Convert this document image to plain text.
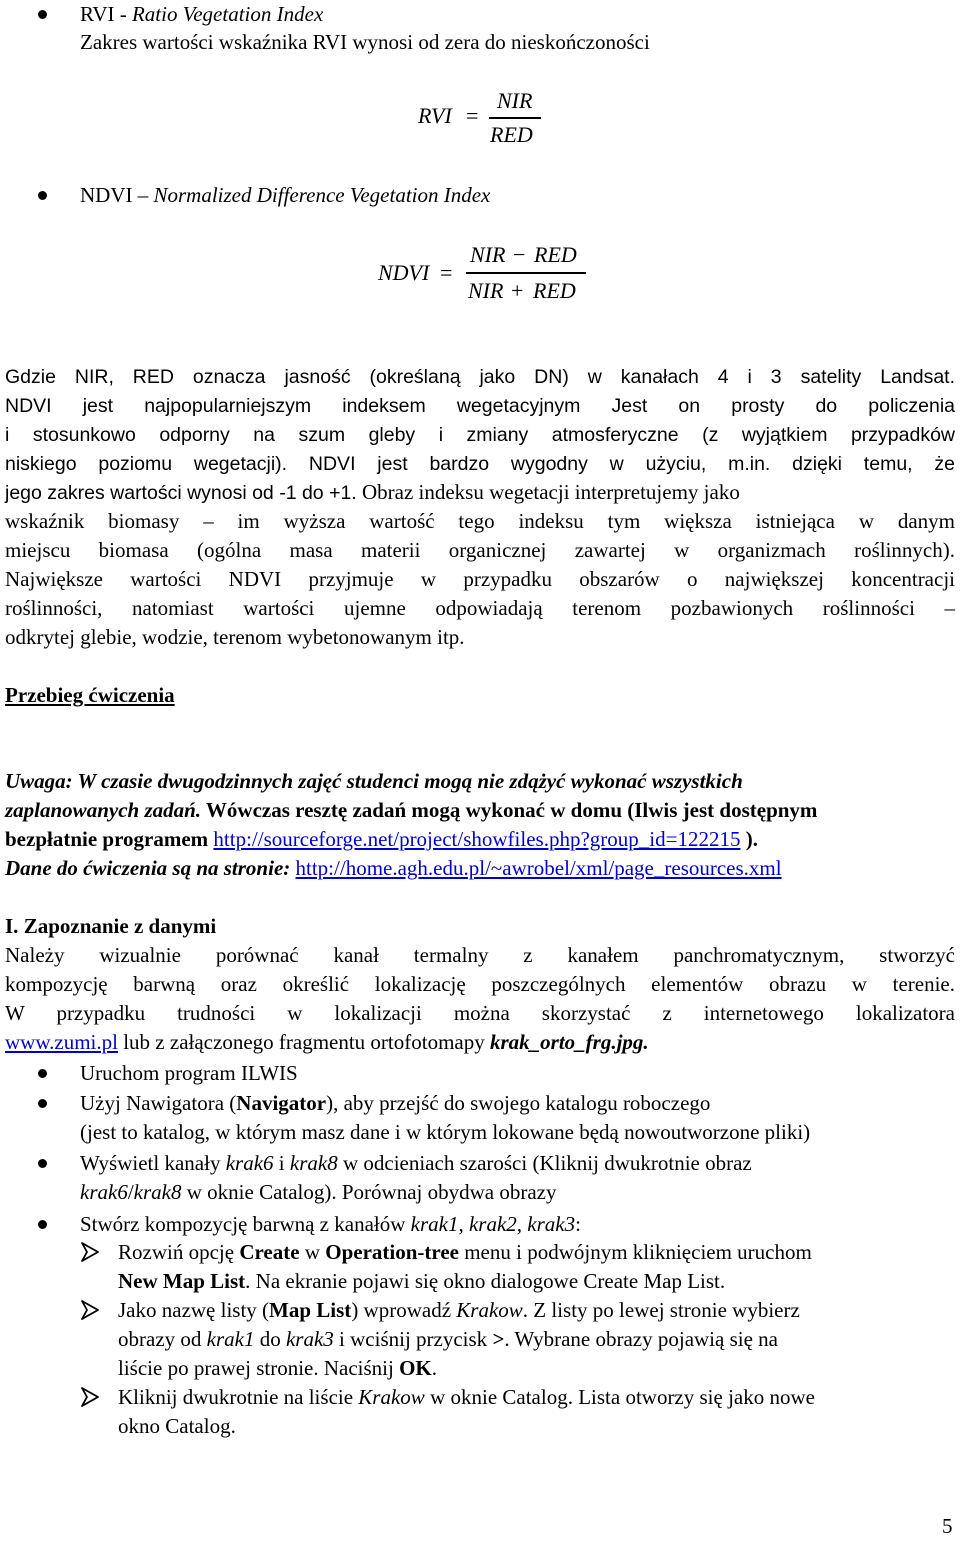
RVI - Ratio Vegetation Index
Zakres wartości wskaźnika RVI wynosi od zera do nieskończoności
RVI =
NIR
RED
NDVI – Normalized Difference Vegetation Index
NDVI =
NIR − RED
NIR + RED
Gdzie NIR, RED oznacza jasność (określaną jako DN) w kanałach 4 i 3 satelity Landsat.
NDVI jest najpopularniejszym indeksem wegetacyjnym Jest on prosty do policzenia
i stosunkowo odporny na szum gleby i zmiany atmosferyczne (z wyjątkiem przypadków
niskiego poziomu wegetacji). NDVI jest bardzo wygodny w użyciu, m.in. dzięki temu, że
jego zakres wartości wynosi od -1 do +1. Obraz indeksu wegetacji interpretujemy jako
wskaźnik biomasy – im wyższa wartość tego indeksu tym większa istniejąca w danym
miejscu biomasa (ogólna masa materii organicznej zawartej w organizmach roślinnych).
Największe wartości NDVI przyjmuje w przypadku obszarów o największej koncentracji
roślinności, natomiast wartości ujemne odpowiadają terenom pozbawionych roślinności –
odkrytej glebie, wodzie, terenom wybetonowanym itp.
Przebieg ćwiczenia
Uwaga: W czasie dwugodzinnych zajęć studenci mogą nie zdążyć wykonać wszystkich
zaplanowanych zadań. Wówczas resztę zadań mogą wykonać w domu (Ilwis jest dostępnym
bezpłatnie programem http://sourceforge.net/project/showfiles.php?group_id=122215 ).
Dane do ćwiczenia są na stronie: http://home.agh.edu.pl/~awrobel/xml/page_resources.xml
I. Zapoznanie z danymi
Należy wizualnie porównać kanał termalny z kanałem panchromatycznym, stworzyć
kompozycję barwną oraz określić lokalizację poszczególnych elementów obrazu w terenie.
W przypadku trudności w lokalizacji można skorzystać z internetowego lokalizatora
www.zumi.pl lub z załączonego fragmentu ortofotomapy krak_orto_frg.jpg.
Uruchom program ILWIS
Użyj Nawigatora (Navigator), aby przejść do swojego katalogu roboczego
(jest to katalog, w którym masz dane i w którym lokowane będą nowoutworzone pliki)
Wyświetl kanały krak6 i krak8 w odcieniach szarości (Kliknij dwukrotnie obraz
krak6/krak8 w oknie Catalog). Porównaj obydwa obrazy
Stwórz kompozycję barwną z kanałów krak1, krak2, krak3:
Rozwiń opcję Create w Operation-tree menu i podwójnym kliknięciem uruchom
New Map List. Na ekranie pojawi się okno dialogowe Create Map List.
Jako nazwę listy (Map List) wprowadź Krakow. Z listy po lewej stronie wybierz
obrazy od krak1 do krak3 i wciśnij przycisk >. Wybrane obrazy pojawią się na
liście po prawej stronie. Naciśnij OK.
Kliknij dwukrotnie na liście Krakow w oknie Catalog. Lista otworzy się jako nowe
okno Catalog.
5
